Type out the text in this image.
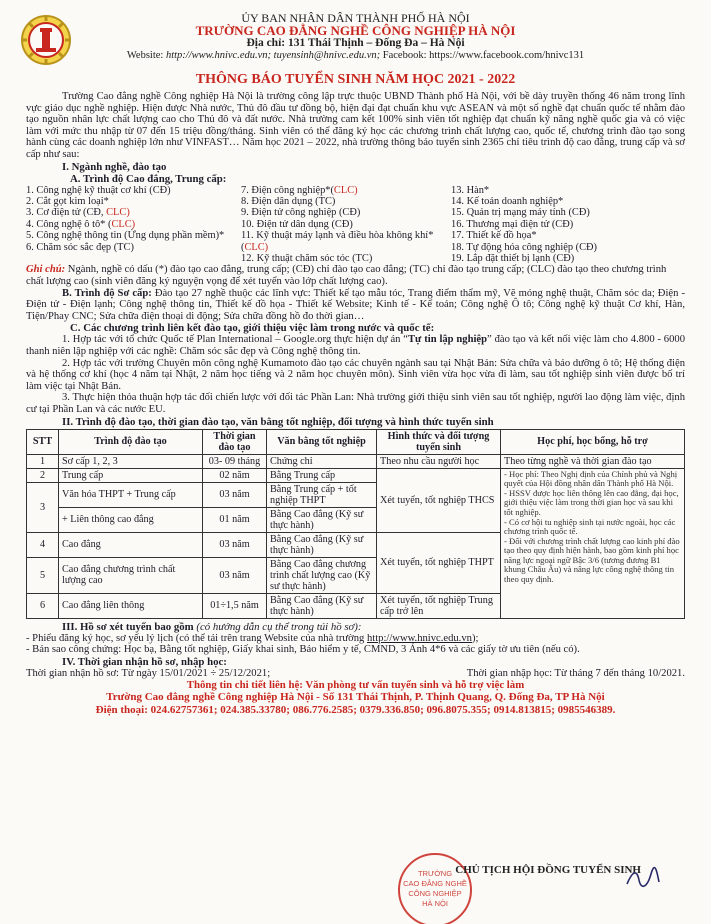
ỦY BAN NHÂN DÂN THÀNH PHỐ HÀ NỘI
TRƯỜNG CAO ĐẲNG NGHỀ CÔNG NGHIỆP HÀ NỘI
Địa chỉ: 131 Thái Thịnh – Đống Đa – Hà Nội
Website: http://www.hnivc.edu.vn; tuyensinh@hnivc.edu.vn; Facebook: https://www.facebook.com/hnivc131
THÔNG BÁO TUYỂN SINH NĂM HỌC 2021 - 2022

Trường Cao đẳng nghề Công nghiệp Hà Nội là trường công lập trực thuộc UBND Thành phố Hà Nội, với bề dày truyền thống 46 năm trong lĩnh vực giáo dục nghề nghiệp. Hiện được Nhà nước, Thủ đô đầu tư đồng bộ, hiện đại đạt chuẩn khu vực ASEAN và một số nghề đạt chuẩn quốc tế nhằm đào tạo nguồn nhân lực chất lượng cao cho Thủ đô và đất nước. Nhà trường cam kết 100% sinh viên tốt nghiệp đạt chuẩn kỹ năng nghề quốc gia và có việc làm với mức thu nhập từ 07 đến 15 triệu đồng/tháng. Sinh viên có thể đăng ký học các chương trình chất lượng cao, quốc tế, chương trình đào tạo song hành cùng các doanh nghiệp lớn như VINFAST… Năm học 2021 – 2022, nhà trường thông báo tuyển sinh 2365 chỉ tiêu trình độ cao đẳng, trung cấp và sơ cấp như sau:

I. Ngành nghề, đào tạo
A. Trình độ Cao đẳng, Trung cấp:
1. Công nghệ kỹ thuật cơ khí (CĐ)
2. Cắt gọt kim loại*
3. Cơ điện tử (CĐ, CLC)
4. Công nghệ ô tô* (CLC)
5. Công nghệ thông tin (Ứng dụng phần mềm)*
6. Chăm sóc sắc đẹp (TC)
7. Điện công nghiệp*(CLC)
8. Điện dân dụng (TC)
9. Điện tử công nghiệp (CĐ)
10. Điện tử dân dụng (CĐ)
11. Kỹ thuật máy lạnh và điều hòa không khí* (CLC)
12. Kỹ thuật chăm sóc tóc (TC)
13. Hàn*
14. Kế toán doanh nghiệp*
15. Quản trị mạng máy tính (CĐ)
16. Thương mại điện tử (CĐ)
17. Thiết kế đồ họa*
18. Tự động hóa công nghiệp (CĐ)
19. Lắp đặt thiết bị lạnh (CĐ)

Ghi chú: Ngành, nghề có dấu (*) đào tạo cao đẳng, trung cấp; (CĐ) chỉ đào tạo cao đẳng; (TC) chỉ đào tạo trung cấp; (CLC) đào tạo theo chương trình chất lượng cao (sinh viên đăng ký nguyện vọng để xét tuyển vào lớp chất lượng cao).

B. Trình độ Sơ cấp: Đào tạo 27 nghề thuộc các lĩnh vực: Thiết kế tạo mẫu tóc, Trang điểm thẩm mỹ, Vẽ móng nghệ thuật, Chăm sóc da; Điện - Điện tử - Điện lạnh; Công nghệ thông tin, Thiết kế đồ họa - Thiết kế Website; Kinh tế - Kế toán; Công nghệ Ô tô; Công nghệ kỹ thuật Cơ khí, Hàn, Tiện/Phay CNC; Sửa chữa điện thoại di động; Sửa chữa đồng hồ đo thời gian…

C. Các chương trình liên kết đào tạo, giới thiệu việc làm trong nước và quốc tế:

1. Hợp tác với tổ chức Quốc tế Plan International – Google.org thực hiện dự án “Tự tin lập nghiệp” đào tạo và kết nối việc làm cho 4.800 - 6000 thanh niên lập nghiệp với các nghề: Chăm sóc sắc đẹp và Công nghệ thông tin.

2. Hợp tác với trường Chuyên môn công nghệ Kumamoto đào tạo các chuyên ngành sau tại Nhật Bản: Sửa chữa và bảo dưỡng ô tô; Hệ thống điện và hệ thống cơ khí (học 4 năm tại Nhật, 2 năm học tiếng và 2 năm học chuyên môn). Sinh viên vừa học vừa đi làm, sau tốt nghiệp sinh viên được bố trí làm việc tại Nhật Bản.

3. Thực hiện thỏa thuận hợp tác đối chiến lược với đối tác Phần Lan: Nhà trường giới thiệu sinh viên sau tốt nghiệp, người lao động làm việc, định cư tại Phần Lan và các nước EU.

II. Trình độ đào tạo, thời gian đào tạo, văn bằng tốt nghiệp, đối tượng và hình thức tuyển sinh
STT	Trình độ đào tạo	Thời gian đào tạo	Văn bằng tốt nghiệp	Hình thức và đối tượng tuyển sinh	Học phí, học bổng, hỗ trợ
1	Sơ cấp 1, 2, 3	03- 09 tháng	Chứng chỉ	Theo nhu cầu người học	Theo từng nghề và thời gian đào tạo
2	Trung cấp	02 năm	Bằng Trung cấp	Xét tuyển, tốt nghiệp THCS	- Học phí: Theo Nghị định của Chính phủ và Nghị quyết của Hội đồng nhân dân Thành phố Hà Nội.
- HSSV được học liên thông lên cao đẳng, đại học, giới thiệu việc làm trong thời gian học và sau khi tốt nghiệp.
- Có cơ hội tu nghiệp sinh tại nước ngoài, học các chương trình quốc tế.
- Đối với chương trình chất lượng cao kinh phí đào tạo theo quy định hiện hành, bao gồm kinh phí học năng lực ngoại ngữ Bậc 3/6 (tương đương B1 khung Châu Âu) và nâng lực công nghệ thông tin theo quy định.

3	Văn hóa THPT + Trung cấp	03 năm	Bằng Trung cấp + tốt nghiệp THPT		
	+ Liên thông cao đẳng	01 năm	Bằng Cao đẳng (Kỹ sư thực hành)		
4	Cao đẳng	03 năm	Bằng Cao đẳng (Kỹ sư thực hành)	Xét tuyển, tốt nghiệp THPT	
5	Cao đẳng chương trình chất lượng cao	03 năm	Bằng Cao đẳng chương trình chất lượng cao (Kỹ sư thực hành)		
6	Cao đẳng liên thông	01÷1,5 năm	Bằng Cao đẳng (Kỹ sư thực hành)	Xét tuyển, tốt nghiệp Trung cấp trở lên	
III. Hồ sơ xét tuyển bao gồm (có hướng dẫn cụ thể trong túi hồ sơ):

- Phiếu đăng ký học, sơ yếu lý lịch (có thể tải trên trang Website của nhà trường http://www.hnivc.edu.vn);

- Bản sao công chứng: Học bạ, Bằng tốt nghiệp, Giấy khai sinh, Bảo hiểm y tế, CMND, 3 Ảnh 4*6 và các giấy tờ ưu tiên (nếu có).

IV. Thời gian nhận hồ sơ, nhập học:
Thời gian nhận hồ sơ: Từ ngày 15/01/2021 ÷ 25/12/2021;	Thời gian nhập học: Từ tháng 7 đến tháng 10/2021.
Thông tin chi tiết liên hệ: Văn phòng tư vấn tuyển sinh và hỗ trợ việc làm
Trường Cao đẳng nghề Công nghiệp Hà Nội - Số 131 Thái Thịnh, P. Thịnh Quang, Q. Đống Đa, TP Hà Nội
Điện thoại: 024.62757361; 024.385.33780; 086.776.2585; 0379.336.850; 096.8075.355; 0914.813815; 0985546389.
TRƯỜNG
CAO ĐẲNG NGHỀ
CÔNG NGHIỆP
HÀ NỘI
CHỦ TỊCH HỘI ĐỒNG TUYỂN SINH
